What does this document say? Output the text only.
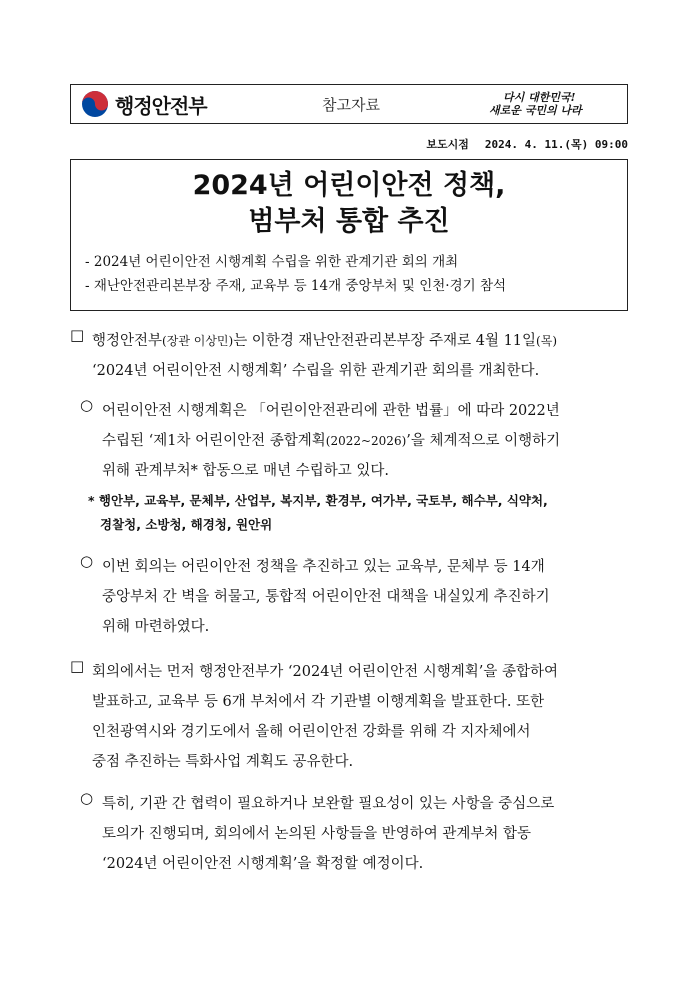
행정안전부	참고자료	다시 대한민국!
새로운 국민의 나라
보도시점 2024. 4. 11.(목) 09:00
2024년 어린이안전 정책,
범부처 통합 추진
- 2024년 어린이안전 시행계획 수립을 위한 관계기관 회의 개최
- 재난안전관리본부장 주재, 교육부 등 14개 중앙부처 및 인천·경기 참석
□ 행정안전부(장관 이상민)는 이한경 재난안전관리본부장 주재로 4월 11일(목)

‘2024년 어린이안전 시행계획’ 수립을 위한 관계기관 회의를 개최한다.

○ 어린이안전 시행계획은 「어린이안전관리에 관한 법률」에 따라 2022년

수립된 ‘제1차 어린이안전 종합계획(2022~2026)’을 체계적으로 이행하기

위해 관계부처* 합동으로 매년 수립하고 있다.

* 행안부, 교육부, 문체부, 산업부, 복지부, 환경부, 여가부, 국토부, 해수부, 식약처,
경찰청, 소방청, 해경청, 원안위
○ 이번 회의는 어린이안전 정책을 추진하고 있는 교육부, 문체부 등 14개

중앙부처 간 벽을 허물고, 통합적 어린이안전 대책을 내실있게 추진하기

위해 마련하였다.

□ 회의에서는 먼저 행정안전부가 ‘2024년 어린이안전 시행계획’을 종합하여

발표하고, 교육부 등 6개 부처에서 각 기관별 이행계획을 발표한다. 또한

인천광역시와 경기도에서 올해 어린이안전 강화를 위해 각 지자체에서

중점 추진하는 특화사업 계획도 공유한다.

○ 특히, 기관 간 협력이 필요하거나 보완할 필요성이 있는 사항을 중심으로

토의가 진행되며, 회의에서 논의된 사항들을 반영하여 관계부처 합동

‘2024년 어린이안전 시행계획’을 확정할 예정이다.
